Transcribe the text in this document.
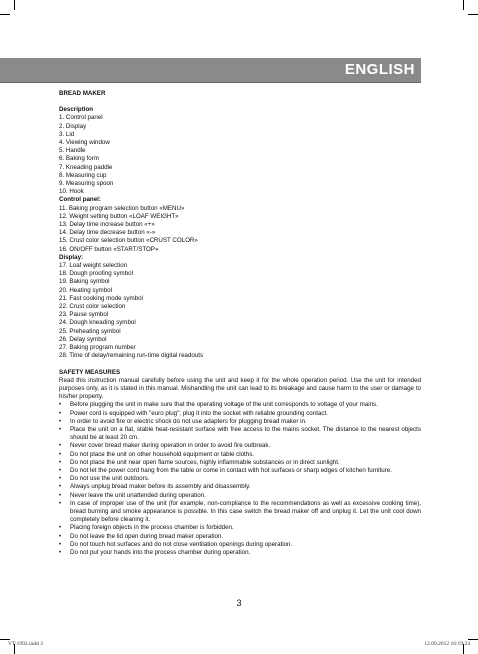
ENGLISH
BREAD MAKER
Description
1. Control panel
2. Display
3. Lid
4. Viewing window
5. Handle
6. Baking form
7. Kneading paddle
8. Measuring cup
9. Measuring spoon
10. Hook
Control panel:
11. Baking program selection button «MENU»
12. Weight setting button «LOAF WEIGHT»
13. Delay time increase button «+»
14. Delay time decrease button «-»
15. Crust color selection button «CRUST COLOR»
16. ON/OFF button «START/STOP»
Display:
17. Loaf weight selection
18. Dough proofing symbol
19. Baking symbol
20. Heating symbol
21. Fast cooking mode symbol
22. Crust color selection
23. Pause symbol
24. Dough kneading symbol
25. Preheating symbol
26. Delay symbol
27. Baking program number
28. Time of delay/remaining run-time digital readouts
SAFETY MEASURES
Read this instruction manual carefully before using the unit and keep it for the whole operation period. Use the unit for intended purposes only, as it is stated in this manual. Mishandling the unit can lead to its breakage and cause harm to the user or damage to his/her property.
•	Before plugging the unit in make sure that the operating voltage of the unit corresponds to voltage of your mains.
•	Power cord is equipped with "euro plug"; plug it into the socket with reliable grounding contact.
•	In order to avoid fire or electric shock do not use adapters for plugging bread maker in.
•	Place the unit on a flat, stable heat-resistant surface with free access to the mains socket. The distance to the nearest objects should be at least 20 cm.
•	Never cover bread maker during operation in order to avoid fire outbreak.
•	Do not place the unit on other household equipment or table cloths.
•	Do not place the unit near open flame sources, highly inflammable substances or in direct sunlight.
•	Do not let the power cord hang from the table or come in contact with hot surfaces or sharp edges of kitchen furniture.
•	Do not use the unit outdoors.
•	Always unplug bread maker before its assembly and disassembly.
•	Never leave the unit unattended during operation.
•	In case of improper use of the unit (for example, non-compliance to the recommendations as well as excessive cooking time), bread burning and smoke appearance is possible. In this case switch the bread maker off and unplug it. Let the unit cool down completely before cleaning it.
•	Placing foreign objects in the process chamber is forbidden.
•	Do not leave the lid open during bread maker operation.
•	Do not touch hot surfaces and do not close ventilation openings during operation.
•	Do not put your hands into the process chamber during operation.
3
VT-1992.indd 3	12.09.2012 16:19:24
